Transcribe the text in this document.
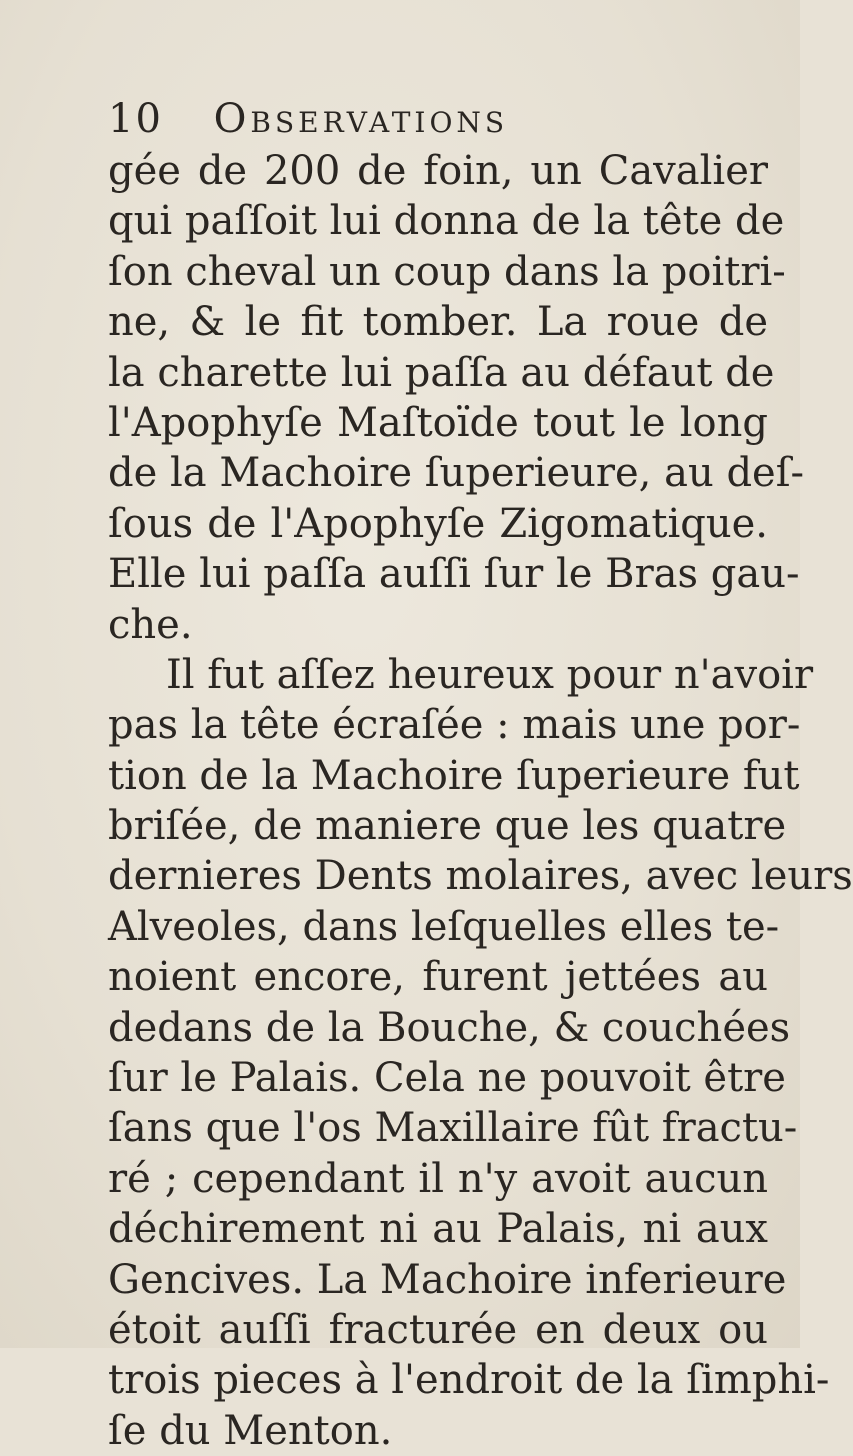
10 Observations
gée de 200 de foin, un Cavalier
qui paſſoit lui donna de la tête de
ſon cheval un coup dans la poitri-
ne, & le fit tomber. La roue de
la charette lui paſſa au défaut de
l'Apophyſe Maſtoïde tout le long
de la Machoire ſuperieure, au deſ-
ſous de l'Apophyſe Zigomatique.
Elle lui paſſa auſſi ſur le Bras gau-
che.
Il fut aſſez heureux pour n'avoir
pas la tête écraſée : mais une por-
tion de la Machoire ſuperieure fut
briſée, de maniere que les quatre
dernieres Dents molaires, avec leurs
Alveoles, dans leſquelles elles te-
noient encore, furent jettées au
dedans de la Bouche, & couchées
ſur le Palais. Cela ne pouvoit être
ſans que l'os Maxillaire fût fractu-
ré ; cependant il n'y avoit aucun
déchirement ni au Palais, ni aux
Gencives. La Machoire inferieure
étoit auſſi fracturée en deux ou
trois pieces à l'endroit de la ſimphi-
ſe du Menton.
